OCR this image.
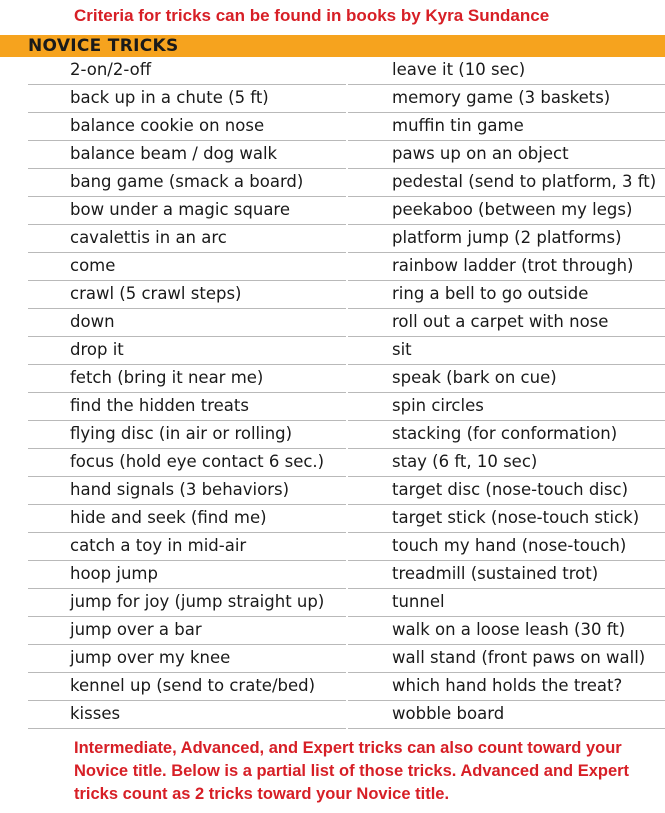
Criteria for tricks can be found in books by Kyra Sundance
NOVICE TRICKS
2-on/2-off
back up in a chute (5 ft)
balance cookie on nose
balance beam / dog walk
bang game (smack a board)
bow under a magic square
cavalettis in an arc
come
crawl (5 crawl steps)
down
drop it
fetch (bring it near me)
find the hidden treats
flying disc (in air or rolling)
focus (hold eye contact 6 sec.)
hand signals (3 behaviors)
hide and seek (find me)
catch a toy in mid-air
hoop jump
jump for joy (jump straight up)
jump over a bar
jump over my knee
kennel up (send to crate/bed)
kisses
leave it (10 sec)
memory game (3 baskets)
muffin tin game
paws up on an object
pedestal (send to platform, 3 ft)
peekaboo (between my legs)
platform jump (2 platforms)
rainbow ladder (trot through)
ring a bell to go outside
roll out a carpet with nose
sit
speak (bark on cue)
spin circles
stacking (for conformation)
stay (6 ft, 10 sec)
target disc (nose-touch disc)
target stick (nose-touch stick)
touch my hand (nose-touch)
treadmill (sustained trot)
tunnel
walk on a loose leash (30 ft)
wall stand (front paws on wall)
which hand holds the treat?
wobble board
Intermediate, Advanced, and Expert tricks can also count toward your Novice title. Below is a partial list of those tricks. Advanced and Expert tricks count as 2 tricks toward your Novice title.
